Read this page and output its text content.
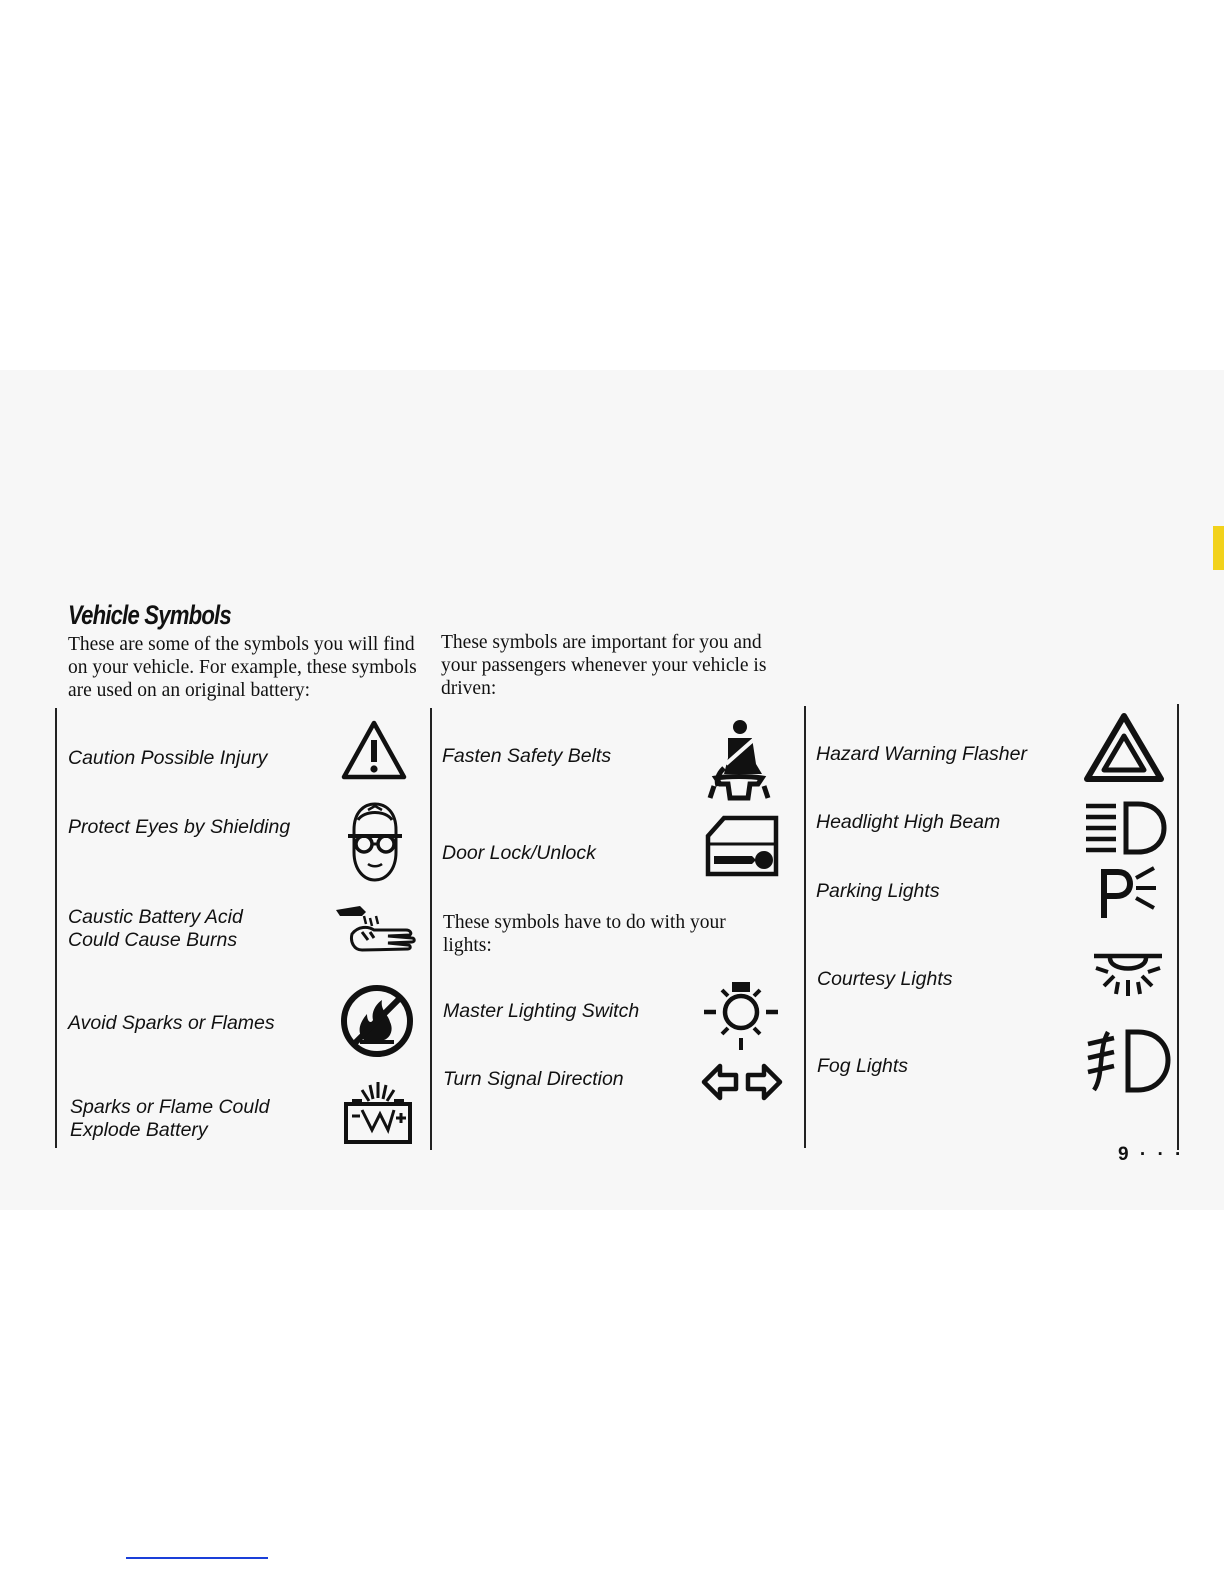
Vehicle Symbols

These are some of the symbols you will find on your vehicle. For example, these symbols are used on an original battery:

These symbols are important for you and your passengers whenever your vehicle is driven:

Caution Possible Injury

Protect Eyes by Shielding

Caustic Battery Acid

Could Cause Burns

Avoid Sparks or Flames

Sparks or Flame Could

Explode Battery

Fasten Safety Belts

Door Lock/Unlock

These symbols have to do with your lights:

Master Lighting Switch

Turn Signal Direction

Hazard Warning Flasher

Headlight High Beam

Parking Lights

Courtesy Lights

Fog Lights

9 · · ·
